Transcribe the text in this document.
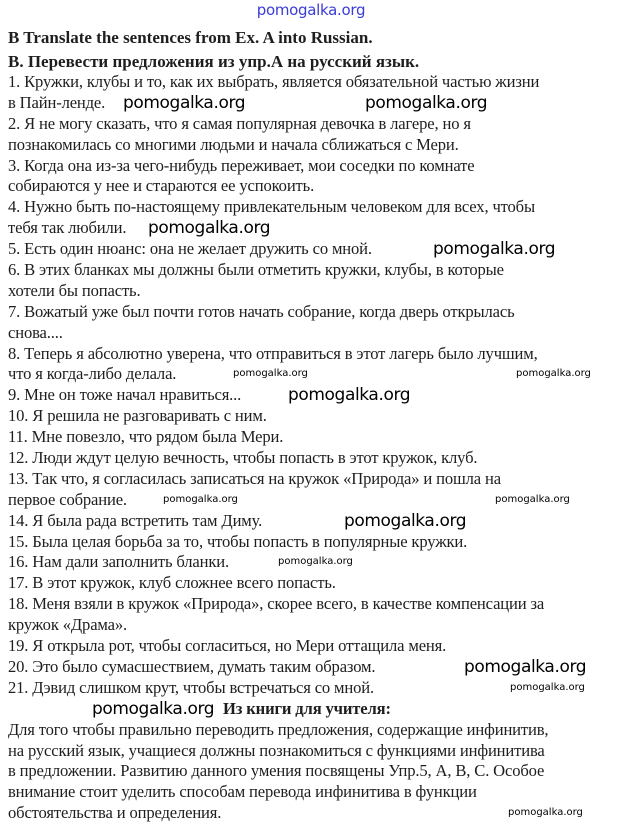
pomogalka.org
B Translate the sentences from Ex. A into Russian.
В. Перевести предложения из упр.А на русский язык.
1. Кружки, клубы и то, как их выбрать, является обязательной частью жизни
в Пайн-ленде. pomogalka.org	pomogalka.org
2. Я не могу сказать, что я самая популярная девочка в лагере, но я
познакомилась со многими людьми и начала сближаться с Мери.
3. Когда она из-за чего-нибудь переживает, мои соседки по комнате
собираются у нее и стараются ее успокоить.
4. Нужно быть по-настоящему привлекательным человеком для всех, чтобы
тебя так любили. pomogalka.org
5. Есть один нюанс: она не желает дружить со мной.	pomogalka.org
6. В этих бланках мы должны были отметить кружки, клубы, в которые
хотели бы попасть.
7. Вожатый уже был почти готов начать собрание, когда дверь открылась
снова....
8. Теперь я абсолютно уверена, что отправиться в этот лагерь было лучшим,
что я когда-либо делала.	pomogalka.org	pomogalka.org
9. Мне он тоже начал нравиться...	pomogalka.org
10. Я решила не разговаривать с ним.
11. Мне повезло, что рядом была Мери.
12. Люди ждут целую вечность, чтобы попасть в этот кружок, клуб.
13. Так что, я согласилась записаться на кружок «Природа» и пошла на
первое собрание.	pomogalka.org	pomogalka.org
14. Я была рада встретить там Диму.	pomogalka.org
15. Была целая борьба за то, чтобы попасть в популярные кружки.
16. Нам дали заполнить бланки.	pomogalka.org
17. В этот кружок, клуб сложнее всего попасть.
18. Меня взяли в кружок «Природа», скорее всего, в качестве компенсации за
кружок «Драма».
19. Я открыла рот, чтобы согласиться, но Мери оттащила меня.
20. Это было сумасшествием, думать таким образом.	pomogalka.org
21. Дэвид слишком крут, чтобы встречаться со мной.	pomogalka.org
pomogalka.org Из книги для учителя:
Для того чтобы правильно переводить предложения, содержащие инфинитив,
на русский язык, учащиеся должны познакомиться с функциями инфинитива
в предложении. Развитию данного умения посвящены Упр.5, А, В, С. Особое
внимание стоит уделить способам перевода инфинитива в функции
обстоятельства и определения.	pomogalka.org
